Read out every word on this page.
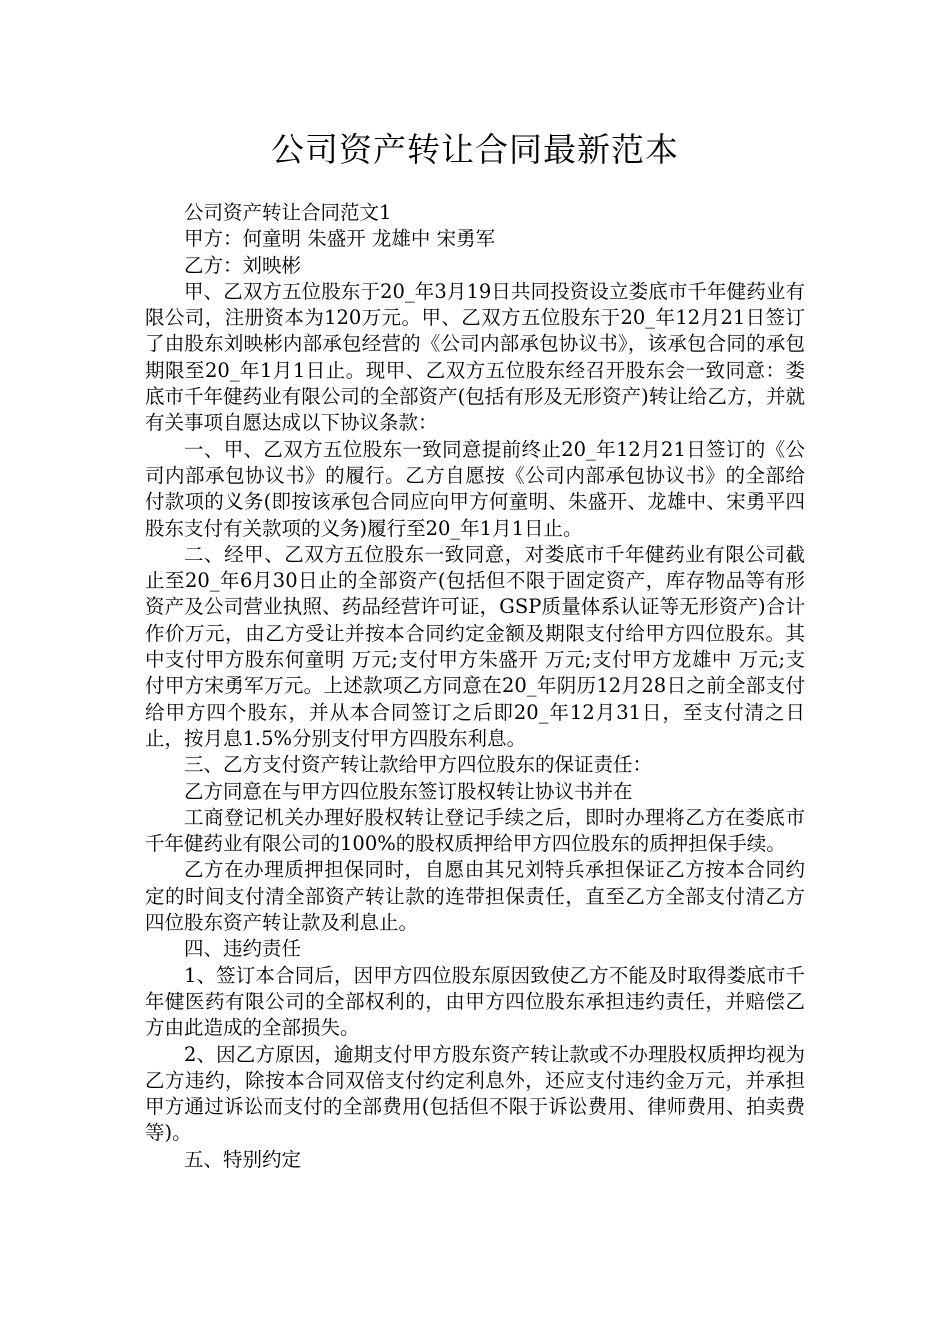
公司资产转让合同最新范本

公司资产转让合同范文1

甲方：何童明 朱盛开 龙雄中 宋勇军

乙方：刘映彬

甲、乙双方五位股东于20_年3月19日共同投资设立娄底市千年健药业有限公司，注册资本为120万元。甲、乙双方五位股东于20_年12月21日签订了由股东刘映彬内部承包经营的《公司内部承包协议书》，该承包合同的承包期限至20_年1月1日止。现甲、乙双方五位股东经召开股东会一致同意：娄底市千年健药业有限公司的全部资产(包括有形及无形资产)转让给乙方，并就有关事项自愿达成以下协议条款：

一、甲、乙双方五位股东一致同意提前终止20_年12月21日签订的《公司内部承包协议书》的履行。乙方自愿按《公司内部承包协议书》的全部给付款项的义务(即按该承包合同应向甲方何童明、朱盛开、龙雄中、宋勇平四股东支付有关款项的义务)履行至20_年1月1日止。

二、经甲、乙双方五位股东一致同意，对娄底市千年健药业有限公司截止至20_年6月30日止的全部资产(包括但不限于固定资产，库存物品等有形资产及公司营业执照、药品经营许可证，GSP质量体系认证等无形资产)合计作价万元，由乙方受让并按本合同约定金额及期限支付给甲方四位股东。其中支付甲方股东何童明 万元;支付甲方朱盛开 万元;支付甲方龙雄中 万元;支付甲方宋勇军万元。上述款项乙方同意在20_年阴历12月28日之前全部支付给甲方四个股东，并从本合同签订之后即20_年12月31日，至支付清之日止，按月息1.5%分别支付甲方四股东利息。

三、乙方支付资产转让款给甲方四位股东的保证责任：

乙方同意在与甲方四位股东签订股权转让协议书并在

工商登记机关办理好股权转让登记手续之后，即时办理将乙方在娄底市千年健药业有限公司的100%的股权质押给甲方四位股东的质押担保手续。

乙方在办理质押担保同时，自愿由其兄刘特兵承担保证乙方按本合同约定的时间支付清全部资产转让款的连带担保责任，直至乙方全部支付清乙方四位股东资产转让款及利息止。

四、违约责任

1、签订本合同后，因甲方四位股东原因致使乙方不能及时取得娄底市千年健医药有限公司的全部权利的，由甲方四位股东承担违约责任，并赔偿乙方由此造成的全部损失。

2、因乙方原因，逾期支付甲方股东资产转让款或不办理股权质押均视为乙方违约，除按本合同双倍支付约定利息外，还应支付违约金万元，并承担甲方通过诉讼而支付的全部费用(包括但不限于诉讼费用、律师费用、拍卖费等)。

五、特别约定
